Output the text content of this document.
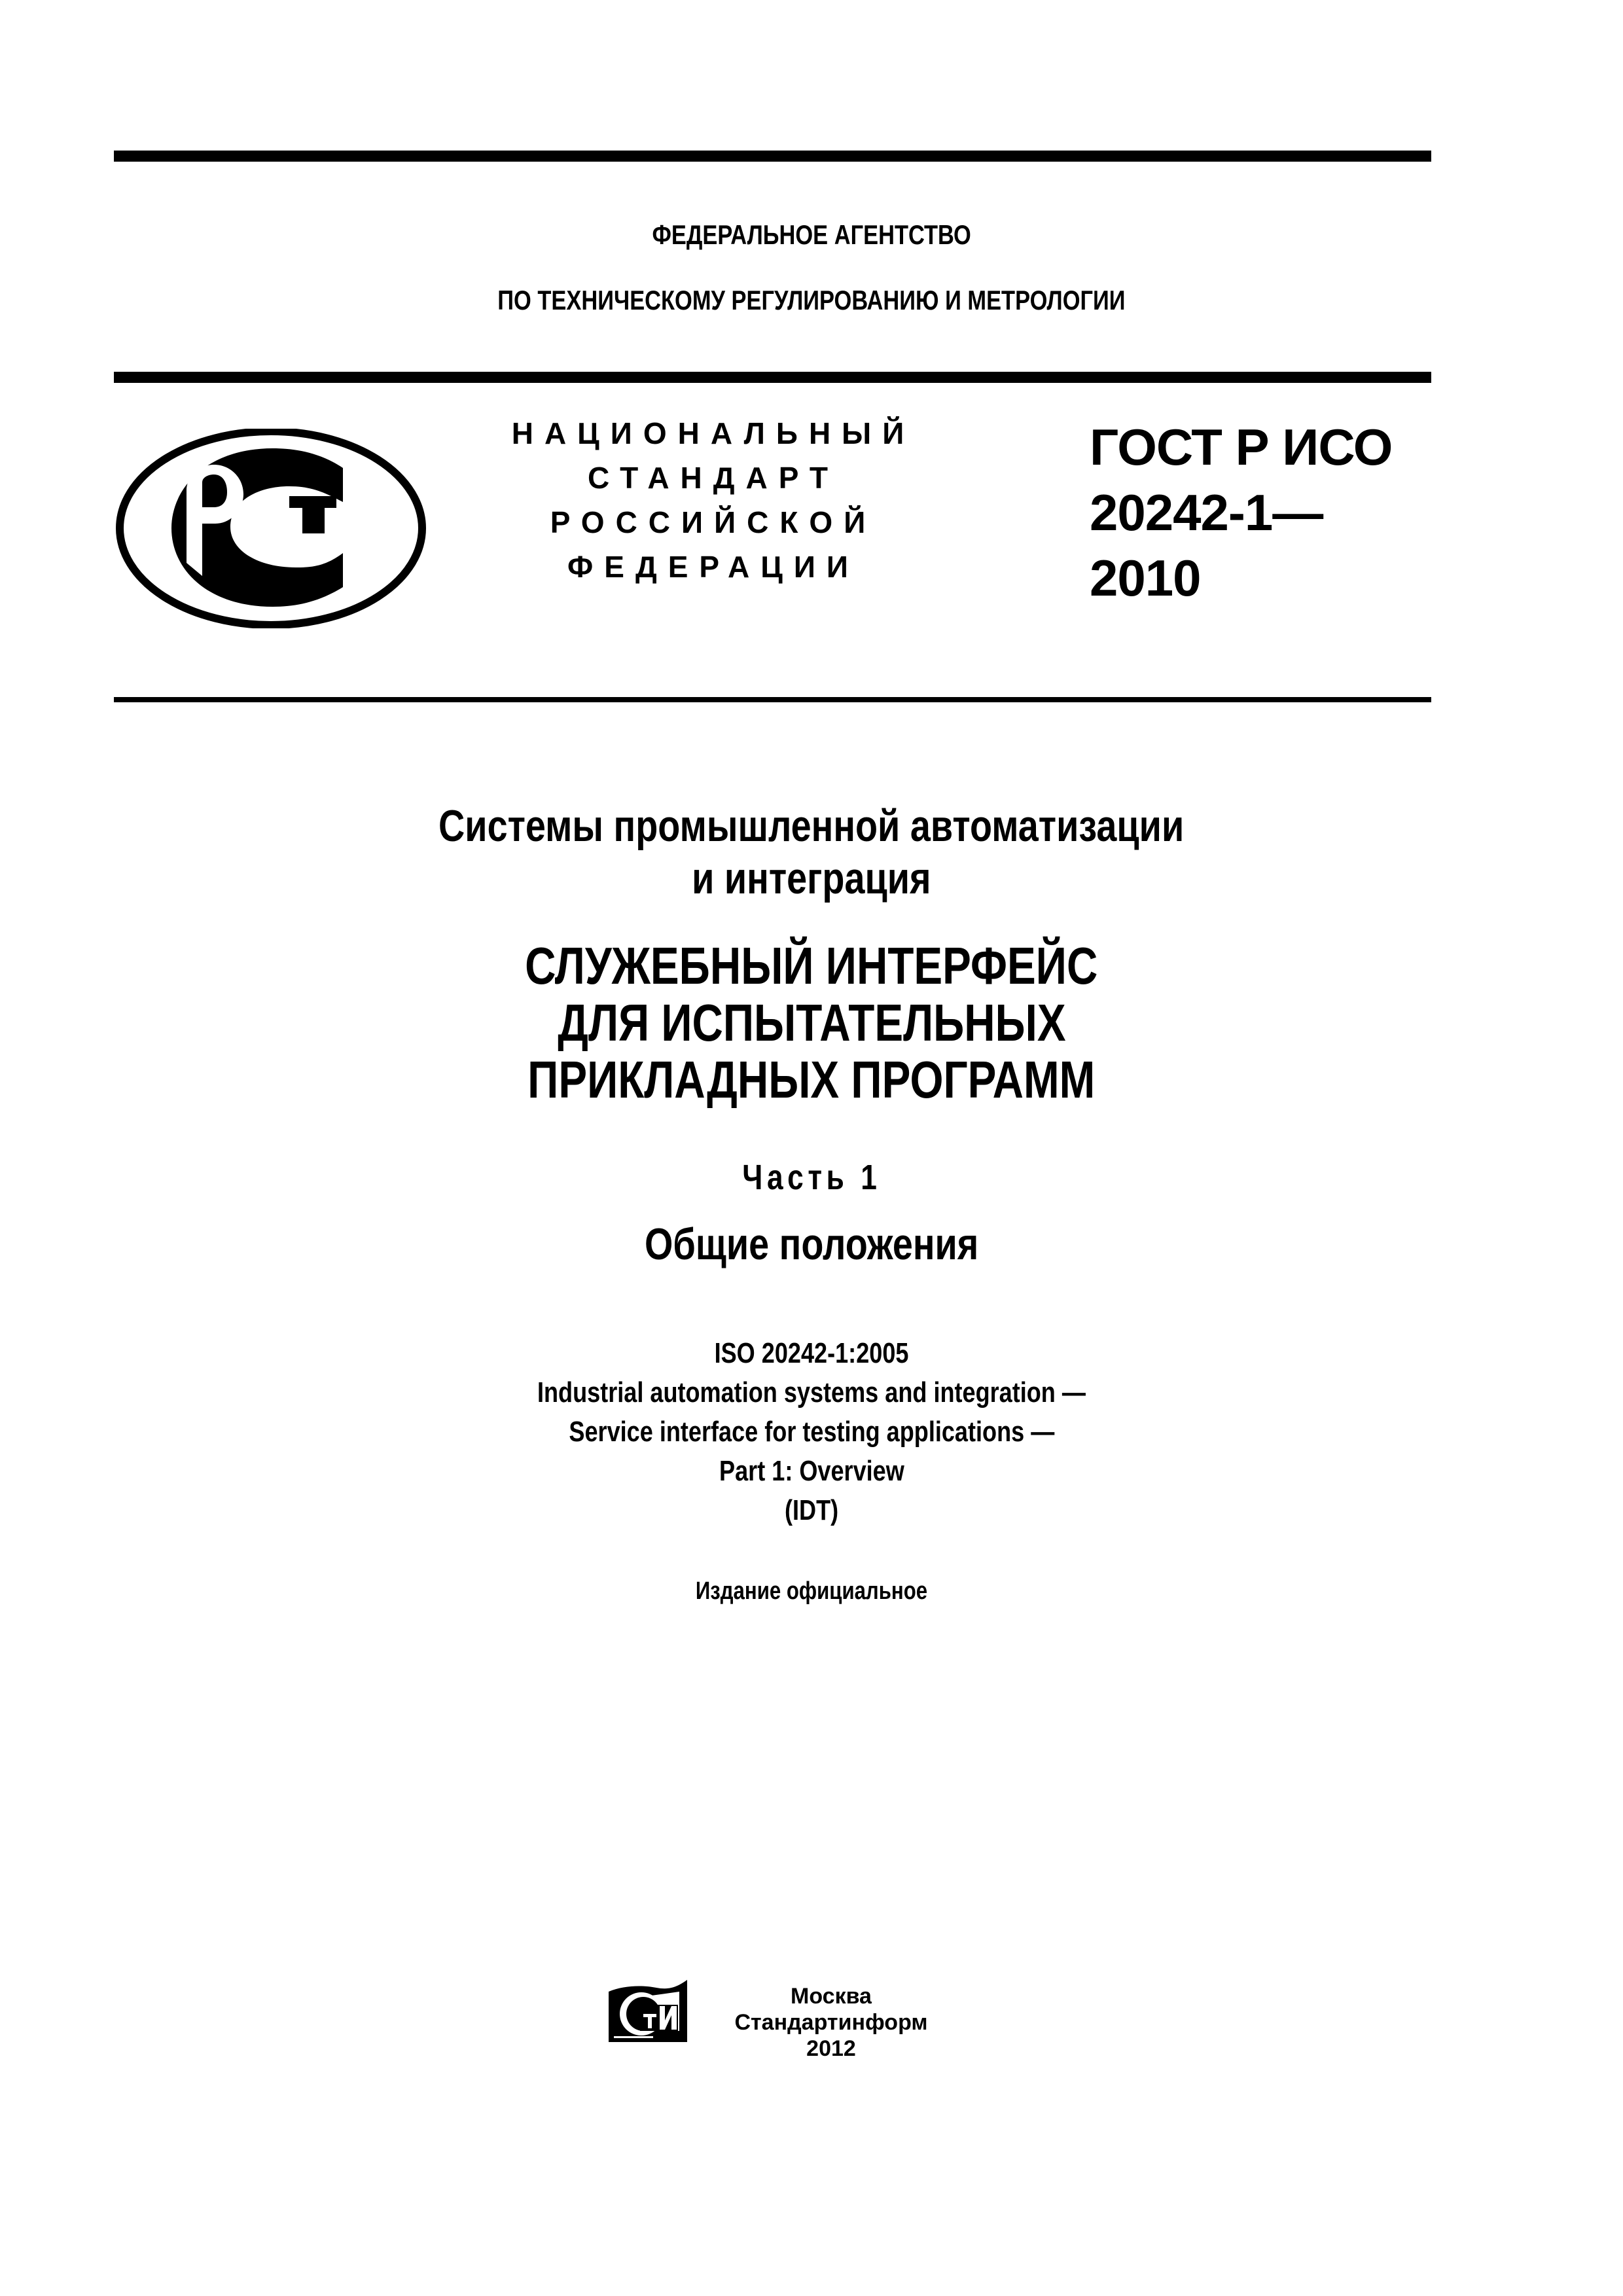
ФЕДЕРАЛЬНОЕ АГЕНТСТВО
ПО ТЕХНИЧЕСКОМУ РЕГУЛИРОВАНИЮ И МЕТРОЛОГИИ
НАЦИОНАЛЬНЫЙ
СТАНДАРТ
РОССИЙСКОЙ
ФЕДЕРАЦИИ
ГОСТ Р ИСО
20242-1—
2010
Системы промышленной автоматизации
и интеграция
СЛУЖЕБНЫЙ ИНТЕРФЕЙС
ДЛЯ ИСПЫТАТЕЛЬНЫХ
ПРИКЛАДНЫХ ПРОГРАММ
Часть 1
Общие положения
ISO 20242-1:2005
Industrial automation systems and integration —
Service interface for testing applications —
Part 1: Overview
(IDT)
Издание официальное
Москва
Стандартинформ
2012
